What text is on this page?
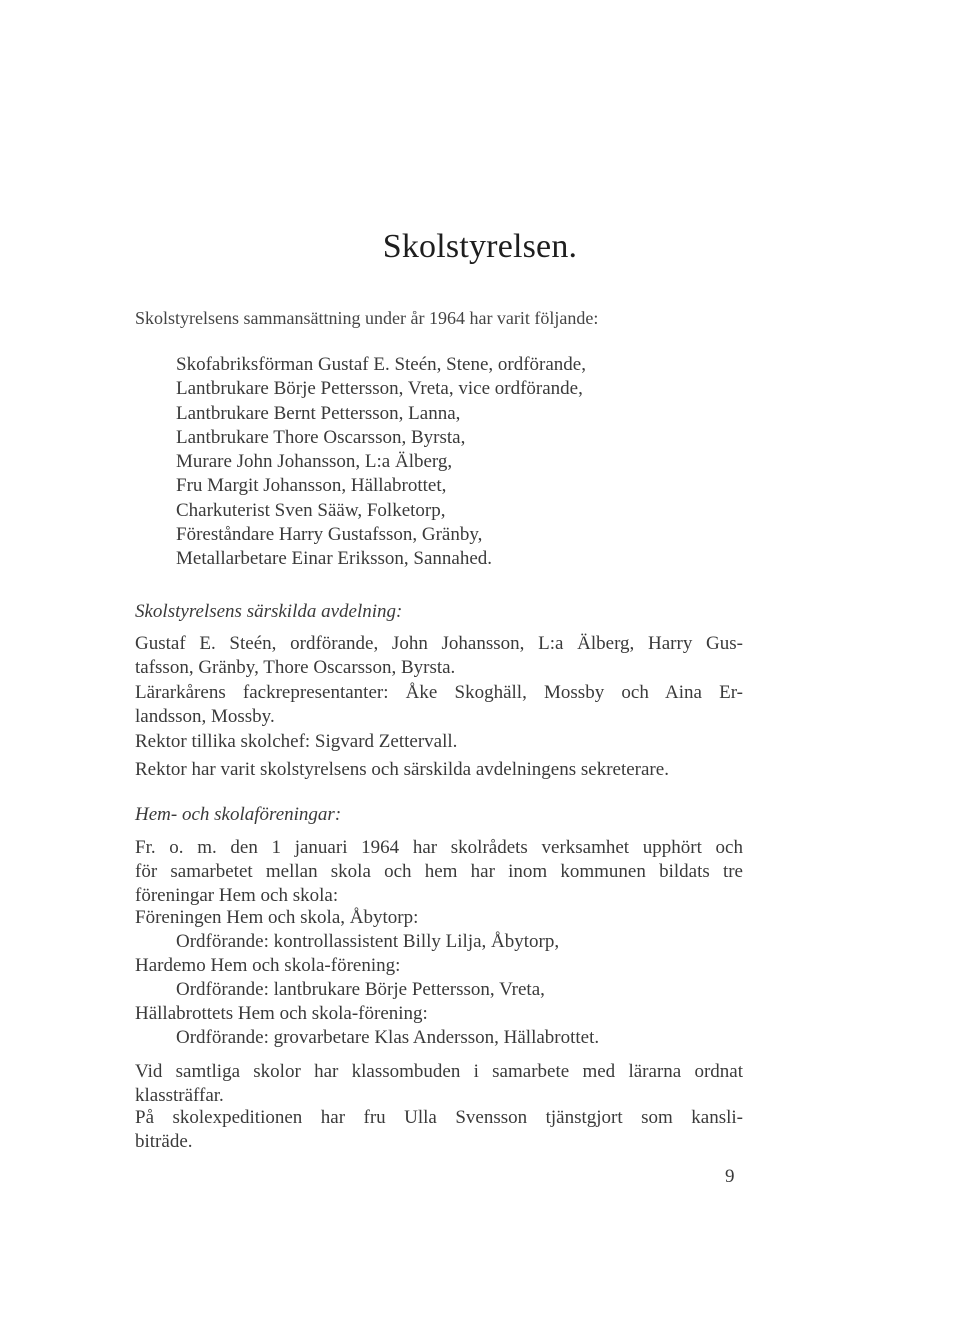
Skolstyrelsen.
Skolstyrelsens sammansättning under år 1964 har varit följande:
Skofabriksförman Gustaf E. Steén, Stene, ordförande,
Lantbrukare Börje Pettersson, Vreta, vice ordförande,
Lantbrukare Bernt Pettersson, Lanna,
Lantbrukare Thore Oscarsson, Byrsta,
Murare John Johansson, L:a Älberg,
Fru Margit Johansson, Hällabrottet,
Charkuterist Sven Sääw, Folketorp,
Föreståndare Harry Gustafsson, Gränby,
Metallarbetare Einar Eriksson, Sannahed.
Skolstyrelsens särskilda avdelning:
Gustaf E. Steén, ordförande, John Johansson, L:a Älberg, Harry Gus-
tafsson, Gränby, Thore Oscarsson, Byrsta.
Lärarkårens fackrepresentanter: Åke Skoghäll, Mossby och Aina Er-
landsson, Mossby.
Rektor tillika skolchef: Sigvard Zettervall.
Rektor har varit skolstyrelsens och särskilda avdelningens sekreterare.
Hem- och skolaföreningar:
Fr. o. m. den 1 januari 1964 har skolrådets verksamhet upphört och
för samarbetet mellan skola och hem har inom kommunen bildats tre
föreningar Hem och skola:
Föreningen Hem och skola, Åbytorp:
Ordförande: kontrollassistent Billy Lilja, Åbytorp,
Hardemo Hem och skola-förening:
Ordförande: lantbrukare Börje Pettersson, Vreta,
Hällabrottets Hem och skola-förening:
Ordförande: grovarbetare Klas Andersson, Hällabrottet.
Vid samtliga skolor har klassombuden i samarbete med lärarna ordnat
klassträffar.
På skolexpeditionen har fru Ulla Svensson tjänstgjort som kansli-
biträde.
9
